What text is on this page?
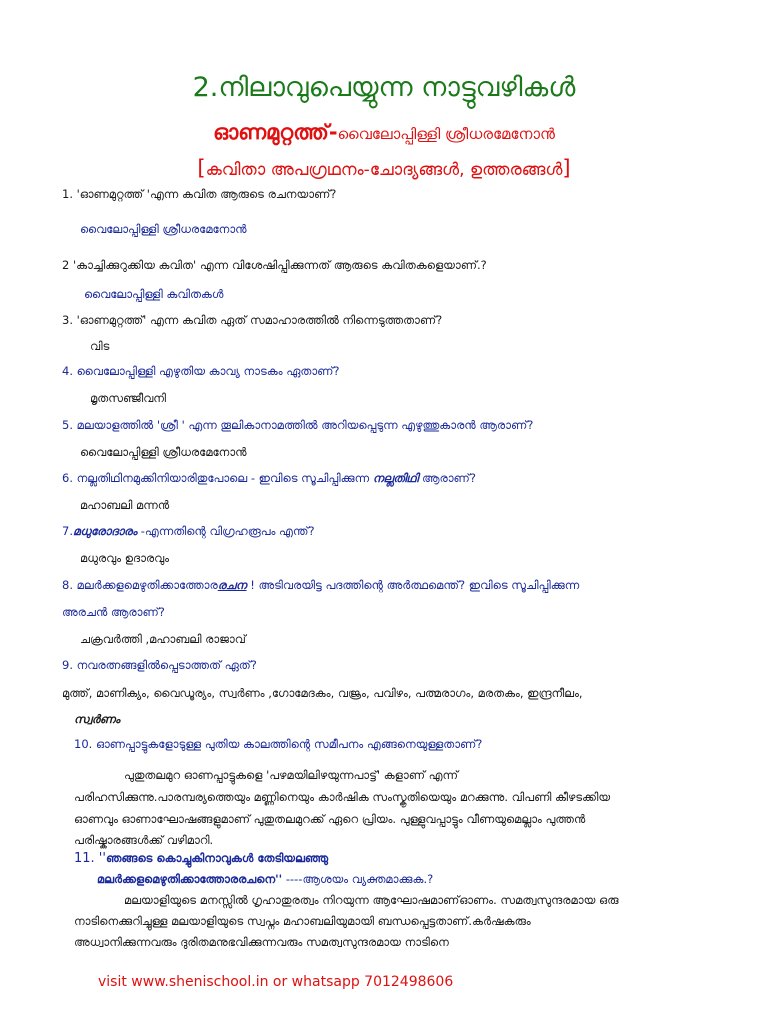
2.നിലാവുപെയ്യുന്ന നാട്ടുവഴികൾ
ഓണമുറ്റത്ത്-വൈലോപ്പിള്ളി ശ്രീധരമേനോൻ
[കവിതാ അപഗ്രഥനം-ചോദ്യങ്ങൾ, ഉത്തരങ്ങൾ]
1. 'ഓണമുറ്റത്ത് 'എന്ന കവിത ആരുടെ രചനയാണ്?
വൈലോപ്പിള്ളി ശ്രീധരമേനോൻ
2 'കാച്ചിക്കുറുക്കിയ കവിത' എന്ന വിശേഷിപ്പിക്കുന്നത് ആരുടെ കവിതകളെയാണ്.?
വൈലോപ്പിള്ളി കവിതകൾ
3. 'ഓണമുറ്റത്ത്' എന്ന കവിത ഏത് സമാഹാരത്തിൽ നിന്നെടുത്തതാണ്?
വിട
4. വൈലോപ്പിള്ളി എഴുതിയ കാവ്യ നാടകം ഏതാണ്?
മൃതസഞ്ജീവനി
5. മലയാളത്തിൽ 'ശ്രീ ' എന്ന തൂലികാനാമത്തിൽ അറിയപ്പെടുന്ന എഴുത്തുകാരൻ ആരാണ്?
വൈലോപ്പിള്ളി ശ്രീധരമേനോൻ
6. നല്ലതിഥിനമുക്കിനിയാരിതുപോലെ - ഇവിടെ സൂചിപ്പിക്കുന്ന നല്ലതിഥി ആരാണ്?
മഹാബലി മന്നൻ
7.മധുരോദാരം -എന്നതിന്റെ വിഗ്രഹരൂപം എന്ത്?
മധുരവും ഉദാരവും
8. മലർക്കളമെഴുതിക്കാത്തോരരചന ! അടിവരയിട്ട പദത്തിന്റെ അർത്ഥമെന്ത്? ഇവിടെ സൂചിപ്പിക്കുന്ന
അരചൻ ആരാണ്?
ചക്രവർത്തി ,മഹാബലി രാജാവ്
9. നവരത്നങ്ങളിൽപ്പെടാത്തത് ഏത്?
മുത്ത്, മാണിക്യം, വൈഡൂര്യം, സ്വർണം ,ഗോമേദകം, വജ്രം, പവിഴം, പത്മരാഗം, മരതകം, ഇന്ദ്രനീലം,
സ്വർണം
10. ഓണപ്പാട്ടുകളോടുള്ള പുതിയ കാലത്തിന്റെ സമീപനം എങ്ങനെയുള്ളതാണ്?
പുതുതലമുറ ഓണപ്പാട്ടുകളെ 'പഴമയിലിഴയുന്നപാട്ട്' കളാണ് എന്ന്
പരിഹസിക്കുന്നു.പാരമ്പര്യത്തെയും മണ്ണിനെയും കാർഷിക സംസ്കൃതിയെയും മറക്കുന്നു. വിപണി കീഴടക്കിയ
ഓണവും ഓണാഘോഷങ്ങളുമാണ് പുതുതലമുറക്ക് ഏറെ പ്രിയം. പുള്ളുവപ്പാട്ടും വീണയുമെല്ലാം പുത്തൻ
പരിഷ്കാരങ്ങൾക്ക് വഴിമാറി.
11. ''ഞങ്ങടെ കൊച്ചുകിനാവുകൾ തേടിയലഞ്ഞു
മലർക്കളമെഴുതിക്കാത്തോരരചനെ'' ----ആശയം വ്യക്തമാക്കുക.?
മലയാളിയുടെ മനസ്സിൽ ഗൃഹാതുരത്വം നിറയുന്ന ആഘോഷമാണ്ഓണം. സമത്വസുന്ദരമായ ഒരു
നാടിനെക്കുറിച്ചുള്ള മലയാളിയുടെ സ്വപ്നം മഹാബലിയുമായി ബന്ധപ്പെട്ടതാണ്.കർഷകരും
അധ്വാനിക്കുന്നവരും ദുരിതമനുഭവിക്കുന്നവരും സമത്വസുന്ദരമായ നാടിനെ
visit www.shenischool.in or whatsapp 7012498606
